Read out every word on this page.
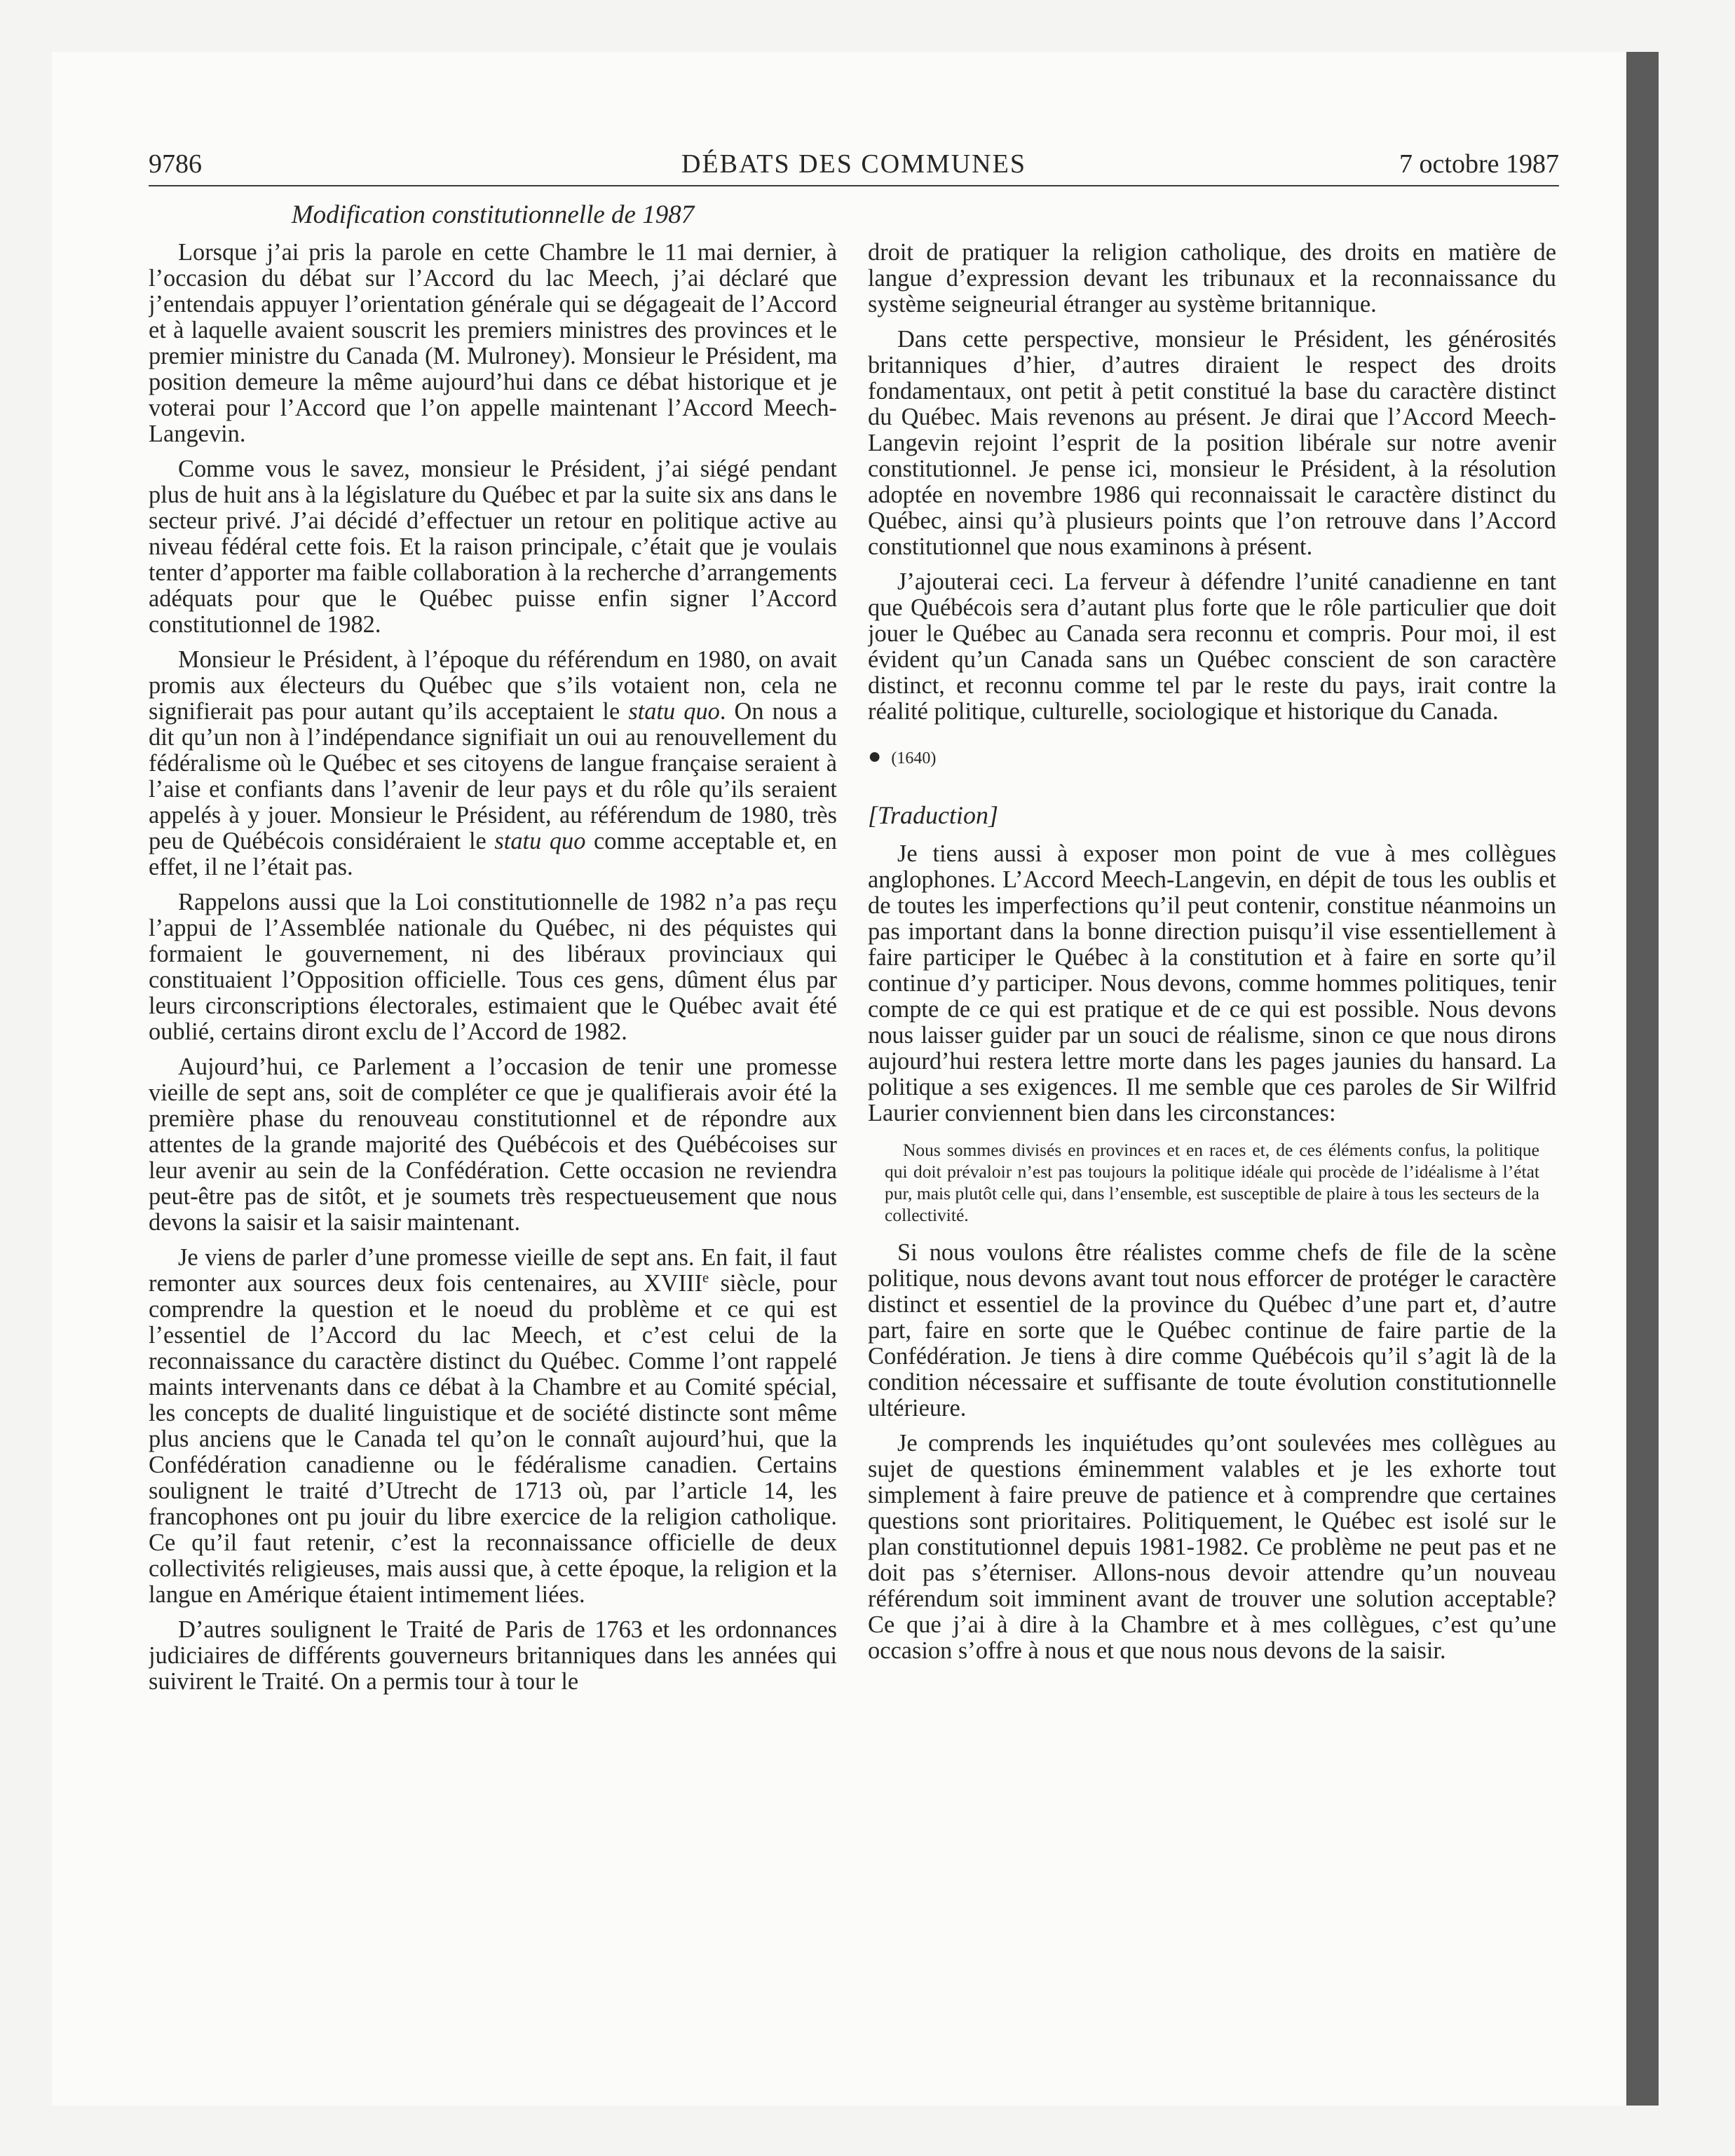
9786	DÉBATS DES COMMUNES	7 octobre 1987
Modification constitutionnelle de 1987

Lorsque j’ai pris la parole en cette Chambre le 11 mai dernier, à l’occasion du débat sur l’Accord du lac Meech, j’ai déclaré que j’entendais appuyer l’orientation générale qui se dégageait de l’Accord et à laquelle avaient souscrit les premiers ministres des provinces et le premier ministre du Canada (M. Mulroney). Monsieur le Président, ma position demeure la même aujourd’hui dans ce débat historique et je voterai pour l’Accord que l’on appelle maintenant l’Accord Meech-Langevin.

Comme vous le savez, monsieur le Président, j’ai siégé pendant plus de huit ans à la législature du Québec et par la suite six ans dans le secteur privé. J’ai décidé d’effectuer un retour en politique active au niveau fédéral cette fois. Et la raison principale, c’était que je voulais tenter d’apporter ma faible collaboration à la recherche d’arrangements adéquats pour que le Québec puisse enfin signer l’Accord constitutionnel de 1982.

Monsieur le Président, à l’époque du référendum en 1980, on avait promis aux électeurs du Québec que s’ils votaient non, cela ne signifierait pas pour autant qu’ils acceptaient le statu quo. On nous a dit qu’un non à l’indépendance signifiait un oui au renouvellement du fédéralisme où le Québec et ses citoyens de langue française seraient à l’aise et confiants dans l’avenir de leur pays et du rôle qu’ils seraient appelés à y jouer. Monsieur le Président, au référendum de 1980, très peu de Québécois considéraient le statu quo comme acceptable et, en effet, il ne l’était pas.

Rappelons aussi que la Loi constitutionnelle de 1982 n’a pas reçu l’appui de l’Assemblée nationale du Québec, ni des péquistes qui formaient le gouvernement, ni des libéraux provinciaux qui constituaient l’Opposition officielle. Tous ces gens, dûment élus par leurs circonscriptions électorales, estimaient que le Québec avait été oublié, certains diront exclu de l’Accord de 1982.

Aujourd’hui, ce Parlement a l’occasion de tenir une promesse vieille de sept ans, soit de compléter ce que je qualifierais avoir été la première phase du renouveau constitutionnel et de répondre aux attentes de la grande majorité des Québécois et des Québécoises sur leur avenir au sein de la Confédération. Cette occasion ne reviendra peut-être pas de sitôt, et je soumets très respectueusement que nous devons la saisir et la saisir maintenant.

Je viens de parler d’une promesse vieille de sept ans. En fait, il faut remonter aux sources deux fois centenaires, au XVIIIe siècle, pour comprendre la question et le noeud du problème et ce qui est l’essentiel de l’Accord du lac Meech, et c’est celui de la reconnaissance du caractère distinct du Québec. Comme l’ont rappelé maints intervenants dans ce débat à la Chambre et au Comité spécial, les concepts de dualité linguistique et de société distincte sont même plus anciens que le Canada tel qu’on le connaît aujourd’hui, que la Confédération canadienne ou le fédéralisme canadien. Certains soulignent le traité d’Utrecht de 1713 où, par l’article 14, les francophones ont pu jouir du libre exercice de la religion catholique. Ce qu’il faut retenir, c’est la reconnaissance officielle de deux collectivités religieuses, mais aussi que, à cette époque, la religion et la langue en Amérique étaient intimement liées.

D’autres soulignent le Traité de Paris de 1763 et les ordonnances judiciaires de différents gouverneurs britanniques dans les années qui suivirent le Traité. On a permis tour à tour le

droit de pratiquer la religion catholique, des droits en matière de langue d’expression devant les tribunaux et la reconnaissance du système seigneurial étranger au système britannique.

Dans cette perspective, monsieur le Président, les générosités britanniques d’hier, d’autres diraient le respect des droits fondamentaux, ont petit à petit constitué la base du caractère distinct du Québec. Mais revenons au présent. Je dirai que l’Accord Meech-Langevin rejoint l’esprit de la position libérale sur notre avenir constitutionnel. Je pense ici, monsieur le Président, à la résolution adoptée en novembre 1986 qui reconnaissait le caractère distinct du Québec, ainsi qu’à plusieurs points que l’on retrouve dans l’Accord constitutionnel que nous examinons à présent.

J’ajouterai ceci. La ferveur à défendre l’unité canadienne en tant que Québécois sera d’autant plus forte que le rôle particulier que doit jouer le Québec au Canada sera reconnu et compris. Pour moi, il est évident qu’un Canada sans un Québec conscient de son caractère distinct, et reconnu comme tel par le reste du pays, irait contre la réalité politique, culturelle, sociologique et historique du Canada.

● (1640)
[Traduction]

Je tiens aussi à exposer mon point de vue à mes collègues anglophones. L’Accord Meech-Langevin, en dépit de tous les oublis et de toutes les imperfections qu’il peut contenir, constitue néanmoins un pas important dans la bonne direction puisqu’il vise essentiellement à faire participer le Québec à la constitution et à faire en sorte qu’il continue d’y participer. Nous devons, comme hommes politiques, tenir compte de ce qui est pratique et de ce qui est possible. Nous devons nous laisser guider par un souci de réalisme, sinon ce que nous dirons aujourd’hui restera lettre morte dans les pages jaunies du hansard. La politique a ses exigences. Il me semble que ces paroles de Sir Wilfrid Laurier conviennent bien dans les circonstances:

Nous sommes divisés en provinces et en races et, de ces éléments confus, la politique qui doit prévaloir n’est pas toujours la politique idéale qui procède de l’idéalisme à l’état pur, mais plutôt celle qui, dans l’ensemble, est susceptible de plaire à tous les secteurs de la collectivité.

Si nous voulons être réalistes comme chefs de file de la scène politique, nous devons avant tout nous efforcer de protéger le caractère distinct et essentiel de la province du Québec d’une part et, d’autre part, faire en sorte que le Québec continue de faire partie de la Confédération. Je tiens à dire comme Québécois qu’il s’agit là de la condition nécessaire et suffisante de toute évolution constitutionnelle ultérieure.

Je comprends les inquiétudes qu’ont soulevées mes collègues au sujet de questions éminemment valables et je les exhorte tout simplement à faire preuve de patience et à comprendre que certaines questions sont prioritaires. Politiquement, le Québec est isolé sur le plan constitutionnel depuis 1981-1982. Ce problème ne peut pas et ne doit pas s’éterniser. Allons-nous devoir attendre qu’un nouveau référendum soit imminent avant de trouver une solution acceptable? Ce que j’ai à dire à la Chambre et à mes collègues, c’est qu’une occasion s’offre à nous et que nous nous devons de la saisir.
